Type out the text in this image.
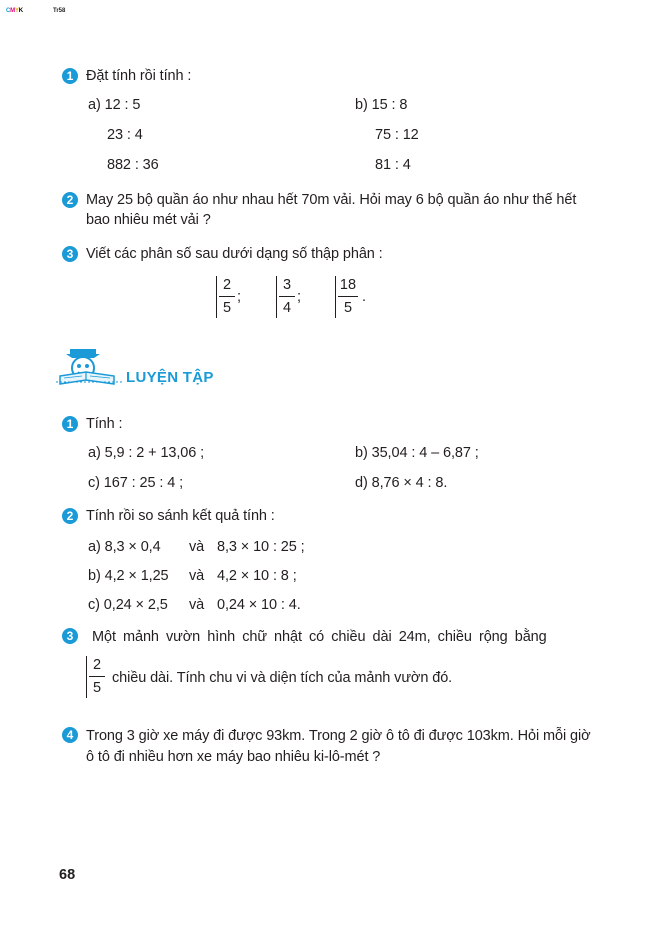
CMYK	Tr58
1 Đặt tính rồi tính :
a) 12 : 5
23 : 4
882 : 36
b) 15 : 8
75 : 12
81 : 4
2 May 25 bộ quần áo như nhau hết 70m vải. Hỏi may 6 bộ quần áo như thế hết
bao nhiêu mét vải ?
3 Viết các phân số sau dưới dạng số thập phân :
$\frac{2}{5}$ ;	$\frac{3}{4}$ ;	$\frac{18}{5}$ .
LUYỆN TẬP
1 Tính :
a) 5,9 : 2 + 13,06 ;	b) 35,04 : 4 – 6,87 ;
c) 167 : 25 : 4 ;	d) 8,76 × 4 : 8.
2 Tính rồi so sánh kết quả tính :
a) 8,3 × 0,4 và 8,3 × 10 : 25 ;
b) 4,2 × 1,25 và 4,2 × 10 : 8 ;
c) 0,24 × 2,5 và 0,24 × 10 : 4.
3	Một mảnh vườn hình chữ nhật có chiều dài 24m, chiều rộng bằng
$\frac{2}{5}$ chiều dài. Tính chu vi và diện tích của mảnh vườn đó.
4 Trong 3 giờ xe máy đi được 93km. Trong 2 giờ ô tô đi được 103km. Hỏi mỗi giờ
ô tô đi nhiều hơn xe máy bao nhiêu ki-lô-mét ?
68
